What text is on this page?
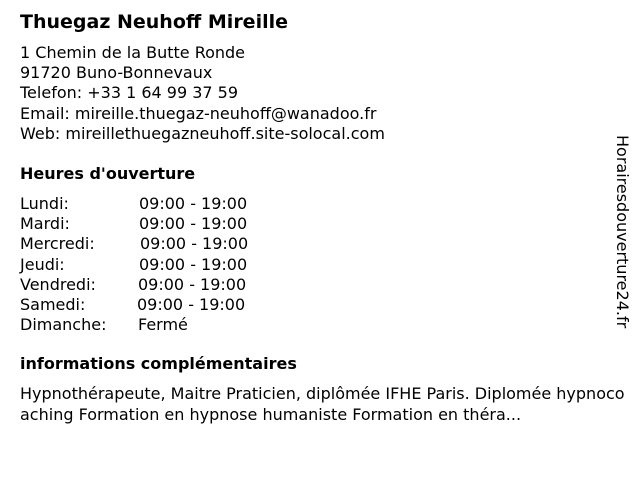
Thuegaz Neuhoff Mireille
1 Chemin de la Butte Ronde
91720 Buno-Bonnevaux
Telefon: +33 1 64 99 37 59
Email: mireille.thuegaz-neuhoff@wanadoo.fr
Web: mireillethuegazneuhoff.site-solocal.com
Heures d'ouverture
Lundi:	09:00 - 19:00
Mardi:	09:00 - 19:00
Mercredi:	09:00 - 19:00
Jeudi:	09:00 - 19:00
Vendredi:	09:00 - 19:00
Samedi:	09:00 - 19:00
Dimanche: Fermé
informations complémentaires
Hypnothérapeute, Maitre Praticien, diplômée IFHE Paris. Diplomée hypnocoaching Formation en hypnose humaniste Formation en théra...
Horairesdouverture24.fr
